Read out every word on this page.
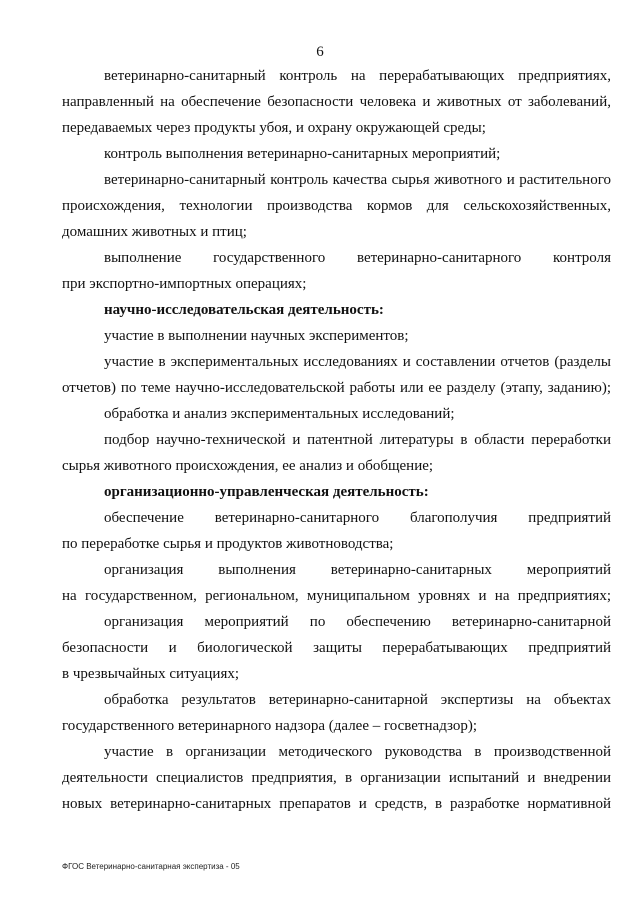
6
ветеринарно-санитарный контроль на перерабатывающих предприятиях,
направленный на обеспечение безопасности человека и животных от заболеваний,
передаваемых через продукты убоя, и охрану окружающей среды;
контроль выполнения ветеринарно-санитарных мероприятий;
ветеринарно-санитарный контроль качества сырья животного и растительного
происхождения, технологии производства кормов для сельскохозяйственных,
домашних животных и птиц;
выполнение государственного ветеринарно-санитарного контроля
при экспортно-импортных операциях;
научно-исследовательская деятельность:
участие в выполнении научных экспериментов;
участие в экспериментальных исследованиях и составлении отчетов (разделы
отчетов) по теме научно-исследовательской работы или ее разделу (этапу, заданию);
обработка и анализ экспериментальных исследований;
подбор научно-технической и патентной литературы в области переработки
сырья животного происхождения, ее анализ и обобщение;
организационно-управленческая деятельность:
обеспечение ветеринарно-санитарного благополучия предприятий
по переработке сырья и продуктов животноводства;
организация выполнения ветеринарно-санитарных мероприятий
на государственном, региональном, муниципальном уровнях и на предприятиях;
организация мероприятий по обеспечению ветеринарно-санитарной
безопасности и биологической защиты перерабатывающих предприятий
в чрезвычайных ситуациях;
обработка результатов ветеринарно-санитарной экспертизы на объектах
государственного ветеринарного надзора (далее – госветнадзор);
участие в организации методического руководства в производственной
деятельности специалистов предприятия, в организации испытаний и внедрении
новых ветеринарно-санитарных препаратов и средств, в разработке нормативной
ФГОС Ветеринарно-санитарная экспертиза - 05
